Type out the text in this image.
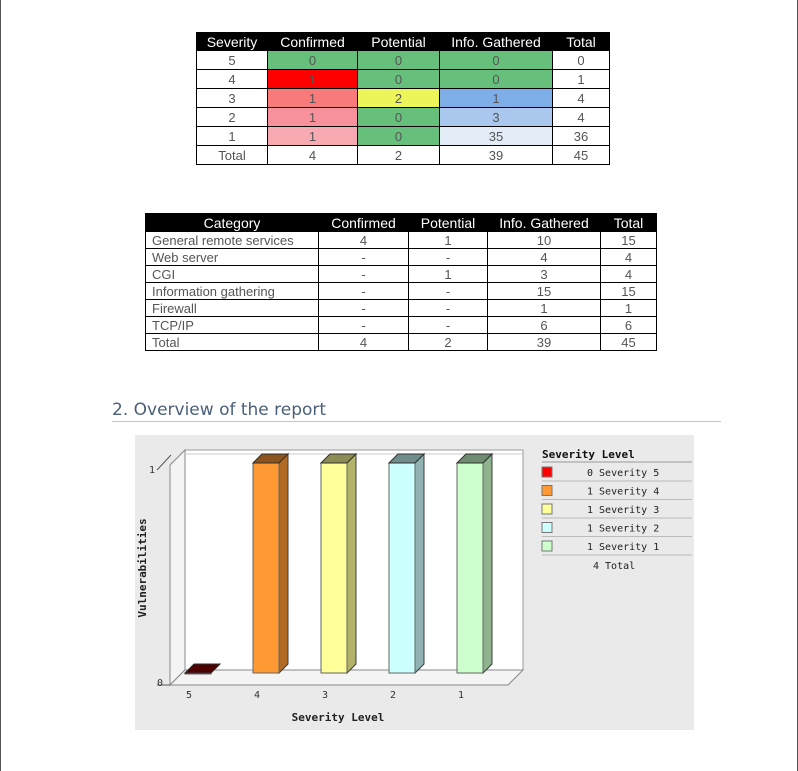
Severity	Confirmed	Potential	Info. Gathered	Total
5	0	0	0	0
4	1	0	0	1
3	1	2	1	4
2	1	0	3	4
1	1	0	35	36
Total	4	2	39	45
Category	Confirmed	Potential	Info. Gathered	Total
General remote services	4	1	10	15
Web server	-	-	4	4
CGI	-	1	3	4
Information gathering	-	-	15	15
Firewall	-	-	1	1
TCP/IP	-	-	6	6
Total	4	2	39	45
2. Overview of the report
1
0
Vulnerabilities
Severity Level
5	4	3	2	1
Severity Level
0 Severity 5
1 Severity 4
1 Severity 3
1 Severity 2
1 Severity 1
4 Total
